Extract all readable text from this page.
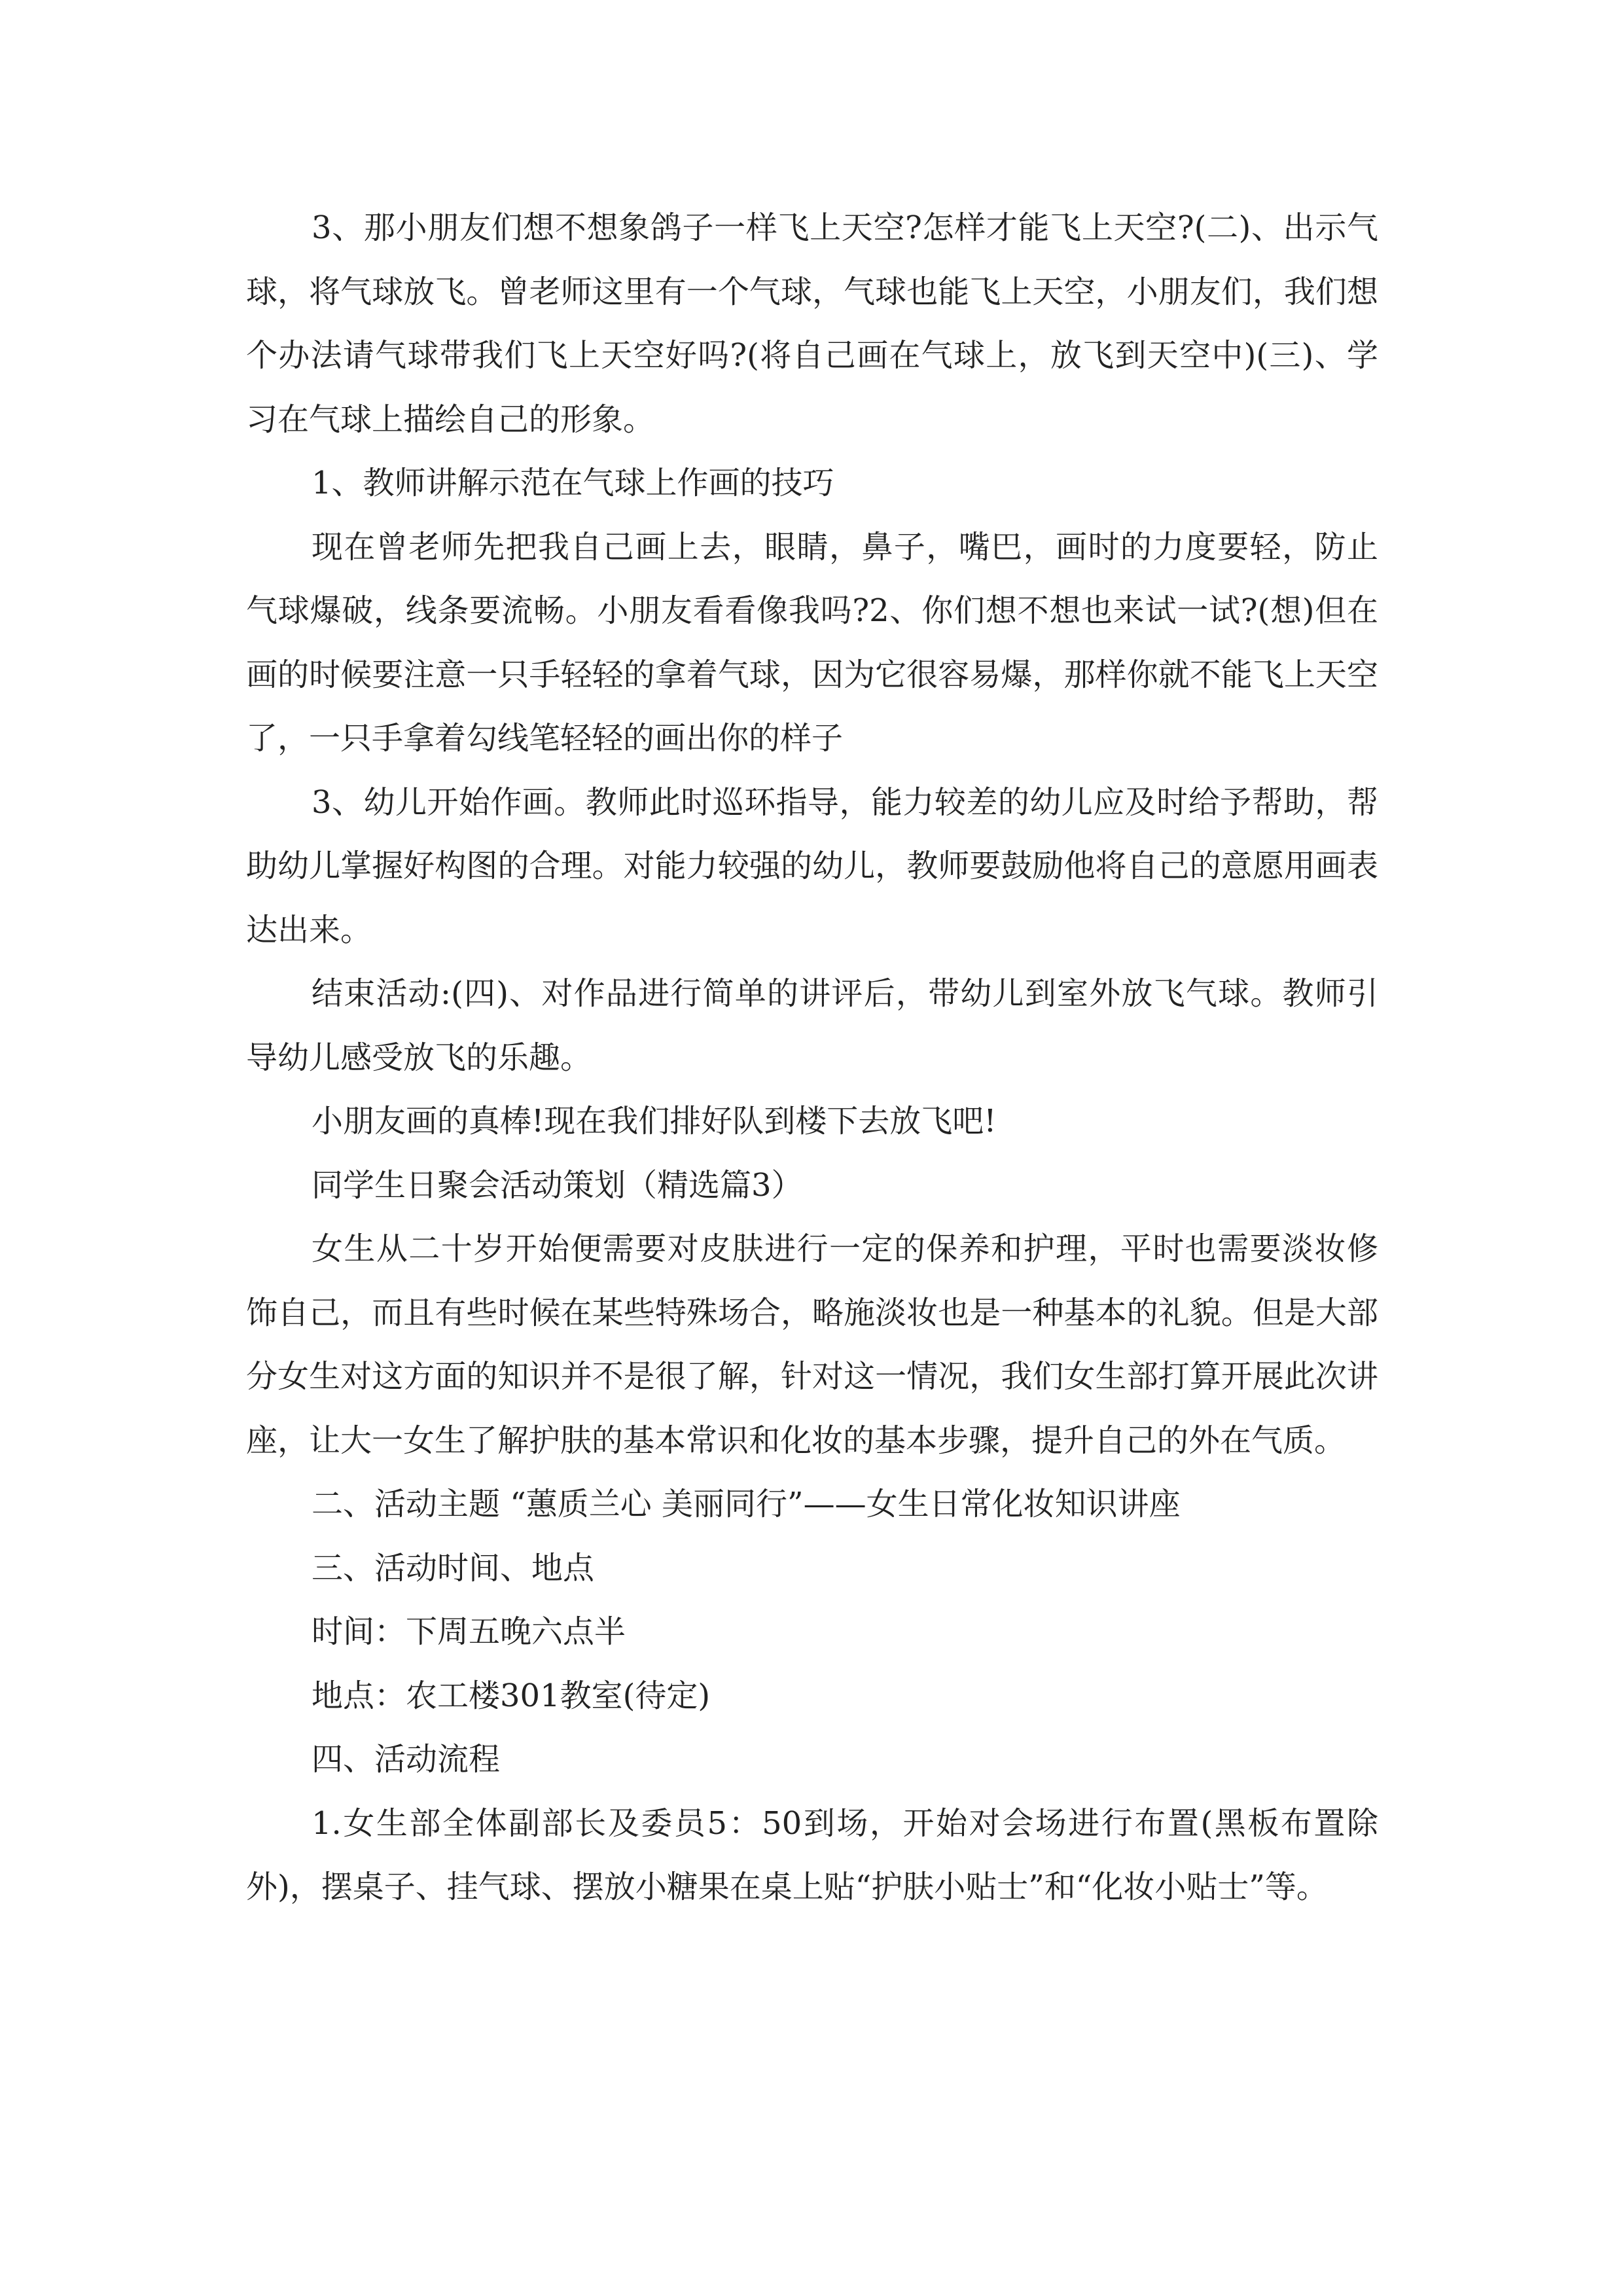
3、那小朋友们想不想象鸽子一样飞上天空?怎样才能飞上天空?(二)、出示气球，将气球放飞。曾老师这里有一个气球，气球也能飞上天空，小朋友们，我们想个办法请气球带我们飞上天空好吗?(将自己画在气球上，放飞到天空中)(三)、学习在气球上描绘自己的形象。

1、教师讲解示范在气球上作画的技巧

现在曾老师先把我自己画上去，眼睛，鼻子，嘴巴，画时的力度要轻，防止气球爆破，线条要流畅。小朋友看看像我吗?2、你们想不想也来试一试?(想)但在画的时候要注意一只手轻轻的拿着气球，因为它很容易爆，那样你就不能飞上天空了，一只手拿着勾线笔轻轻的画出你的样子

3、幼儿开始作画。教师此时巡环指导，能力较差的幼儿应及时给予帮助，帮助幼儿掌握好构图的合理。对能力较强的幼儿，教师要鼓励他将自己的意愿用画表达出来。

结束活动:(四)、对作品进行简单的讲评后，带幼儿到室外放飞气球。教师引导幼儿感受放飞的乐趣。

小朋友画的真棒!现在我们排好队到楼下去放飞吧!

同学生日聚会活动策划（精选篇3）

女生从二十岁开始便需要对皮肤进行一定的保养和护理，平时也需要淡妆修饰自己，而且有些时候在某些特殊场合，略施淡妆也是一种基本的礼貌。但是大部分女生对这方面的知识并不是很了解，针对这一情况，我们女生部打算开展此次讲座，让大一女生了解护肤的基本常识和化妆的基本步骤，提升自己的外在气质。

二、活动主题 “蕙质兰心 美丽同行”——女生日常化妆知识讲座

三、活动时间、地点

时间：下周五晚六点半

地点：农工楼301教室(待定)

四、活动流程

1.女生部全体副部长及委员5：50到场，开始对会场进行布置(黑板布置除外)，摆桌子、挂气球、摆放小糖果在桌上贴“护肤小贴士”和“化妆小贴士”等。
